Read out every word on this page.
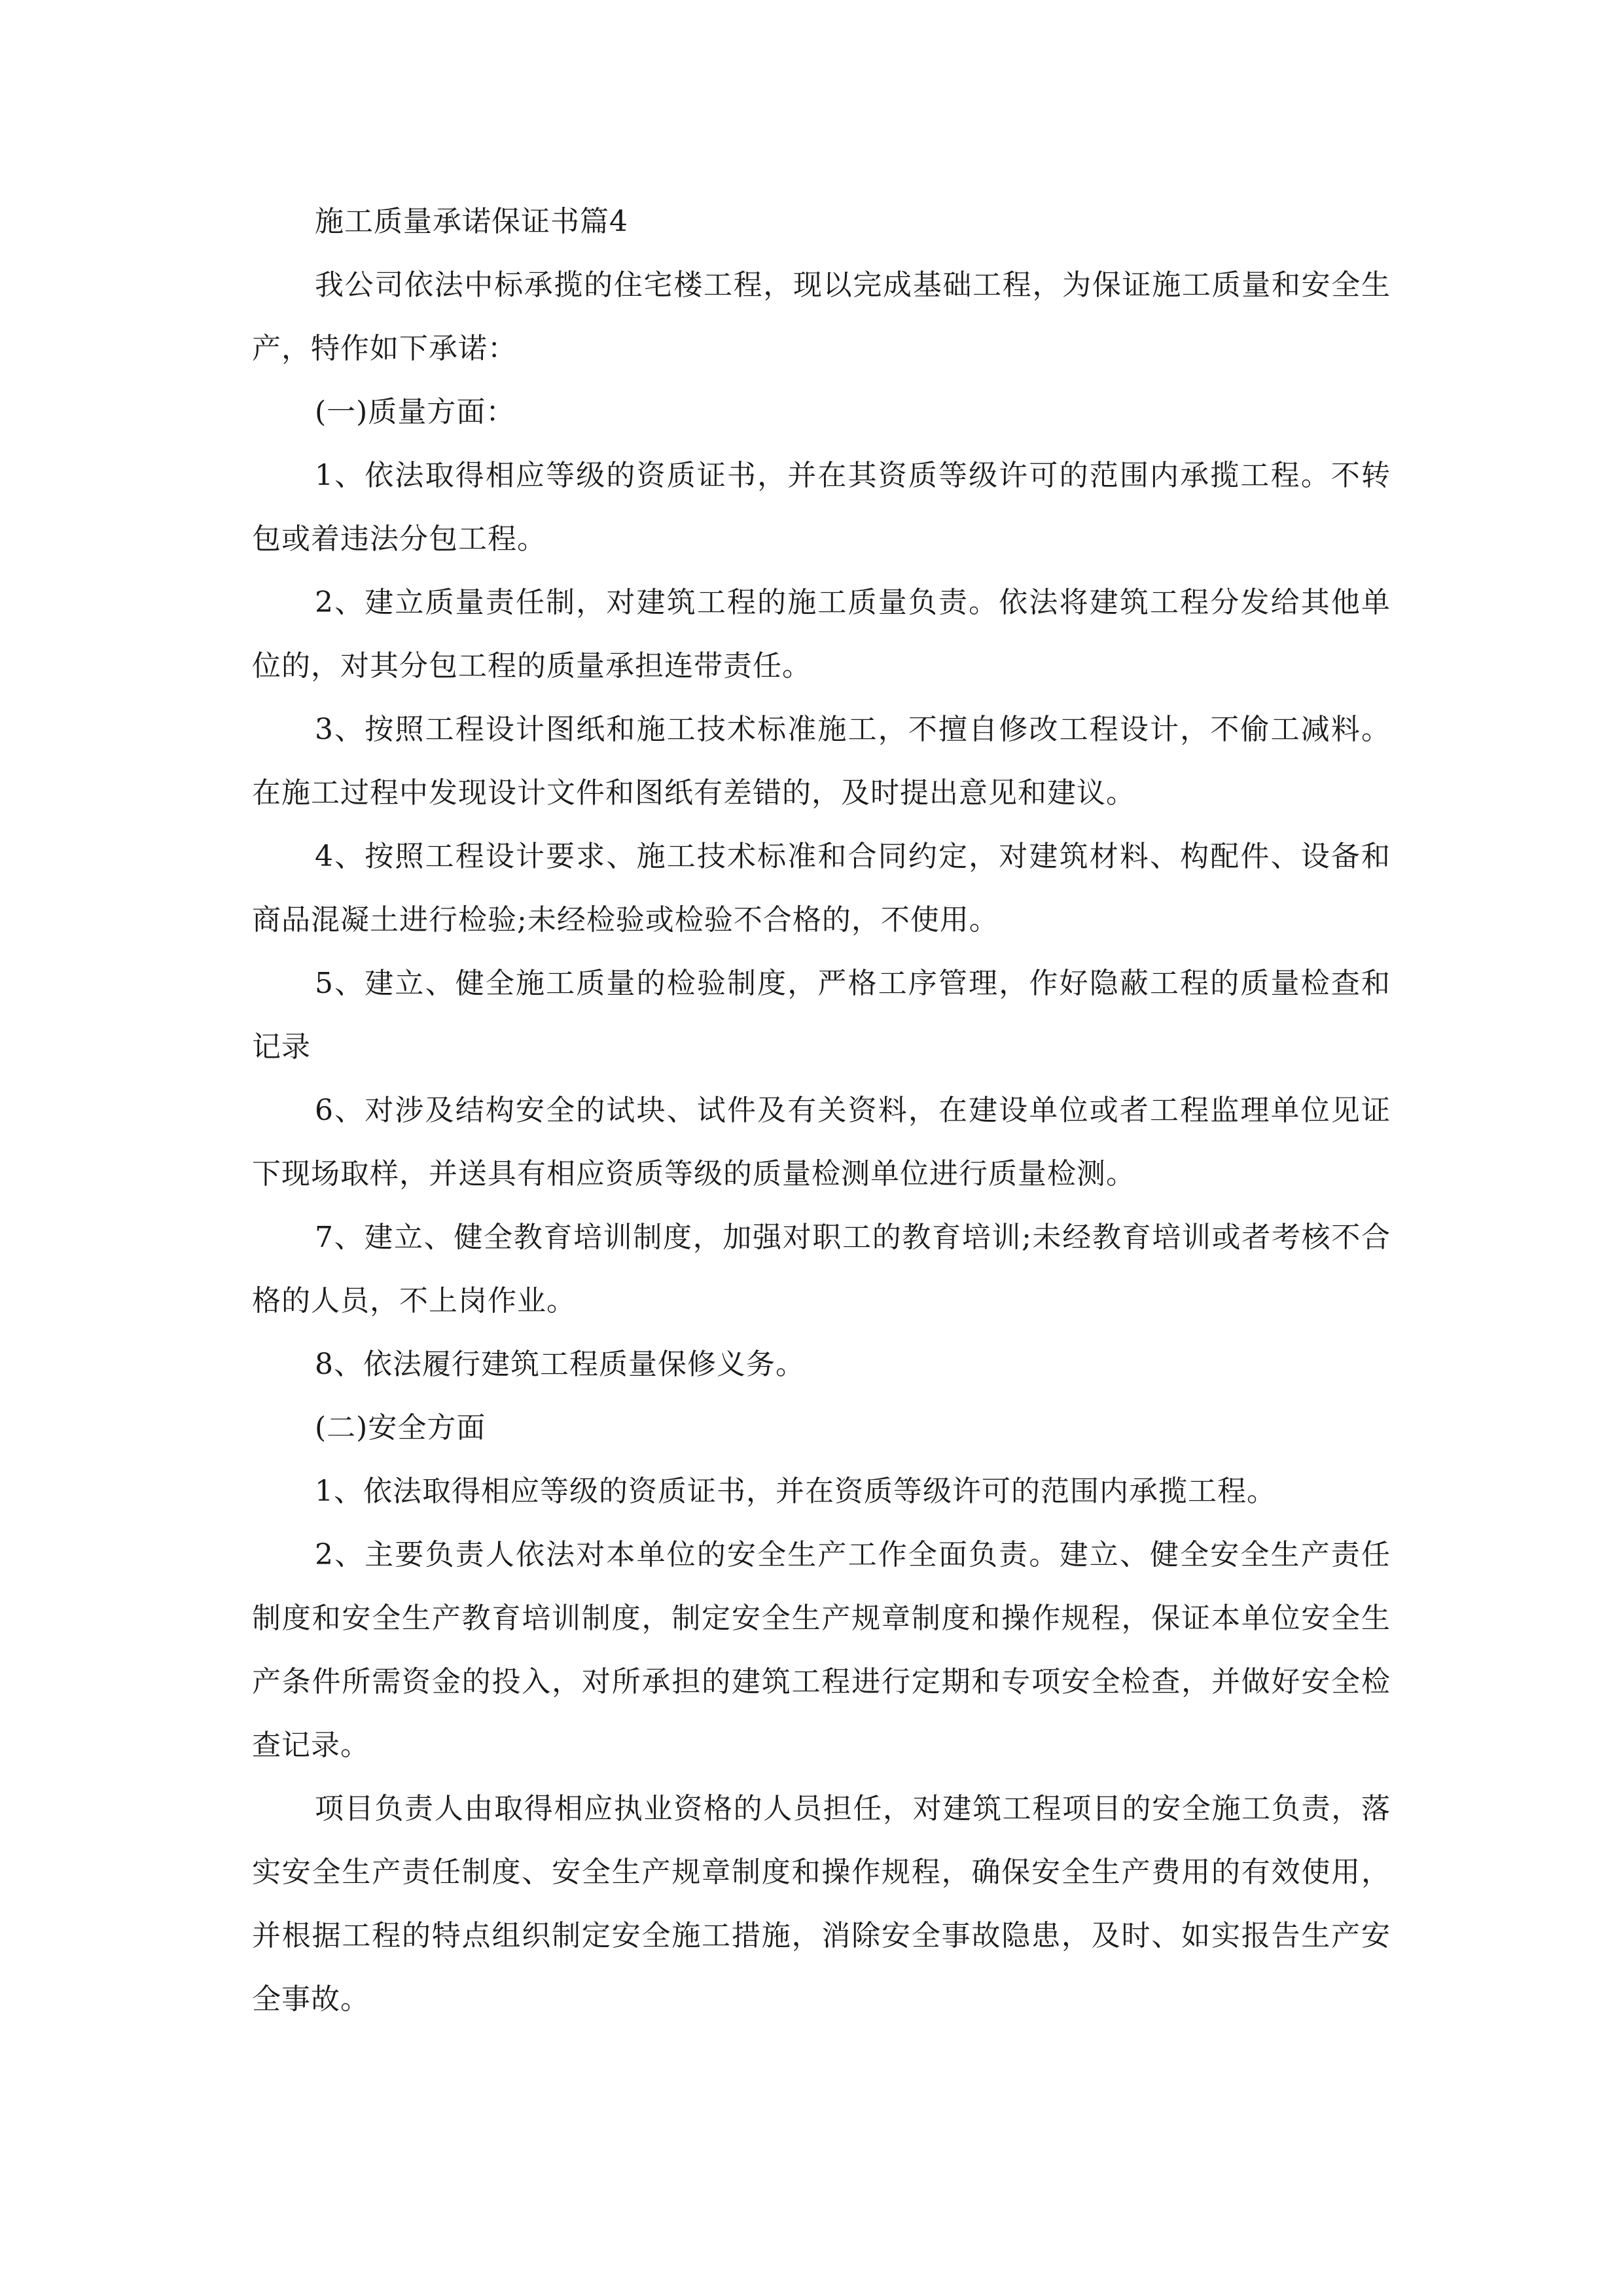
施工质量承诺保证书篇4

我公司依法中标承揽的住宅楼工程，现以完成基础工程，为保证施工质量和安全生产，特作如下承诺：

(一)质量方面：

1、依法取得相应等级的资质证书，并在其资质等级许可的范围内承揽工程。不转包或着违法分包工程。

2、建立质量责任制，对建筑工程的施工质量负责。依法将建筑工程分发给其他单位的，对其分包工程的质量承担连带责任。

3、按照工程设计图纸和施工技术标准施工，不擅自修改工程设计，不偷工减料。在施工过程中发现设计文件和图纸有差错的，及时提出意见和建议。

4、按照工程设计要求、施工技术标准和合同约定，对建筑材料、构配件、设备和商品混凝土进行检验;未经检验或检验不合格的，不使用。

5、建立、健全施工质量的检验制度，严格工序管理，作好隐蔽工程的质量检查和记录

6、对涉及结构安全的试块、试件及有关资料，在建设单位或者工程监理单位见证下现场取样，并送具有相应资质等级的质量检测单位进行质量检测。

7、建立、健全教育培训制度，加强对职工的教育培训;未经教育培训或者考核不合格的人员，不上岗作业。

8、依法履行建筑工程质量保修义务。

(二)安全方面

1、依法取得相应等级的资质证书，并在资质等级许可的范围内承揽工程。

2、主要负责人依法对本单位的安全生产工作全面负责。建立、健全安全生产责任制度和安全生产教育培训制度，制定安全生产规章制度和操作规程，保证本单位安全生产条件所需资金的投入，对所承担的建筑工程进行定期和专项安全检查，并做好安全检查记录。

项目负责人由取得相应执业资格的人员担任，对建筑工程项目的安全施工负责，落实安全生产责任制度、安全生产规章制度和操作规程，确保安全生产费用的有效使用，并根据工程的特点组织制定安全施工措施，消除安全事故隐患，及时、如实报告生产安全事故。
